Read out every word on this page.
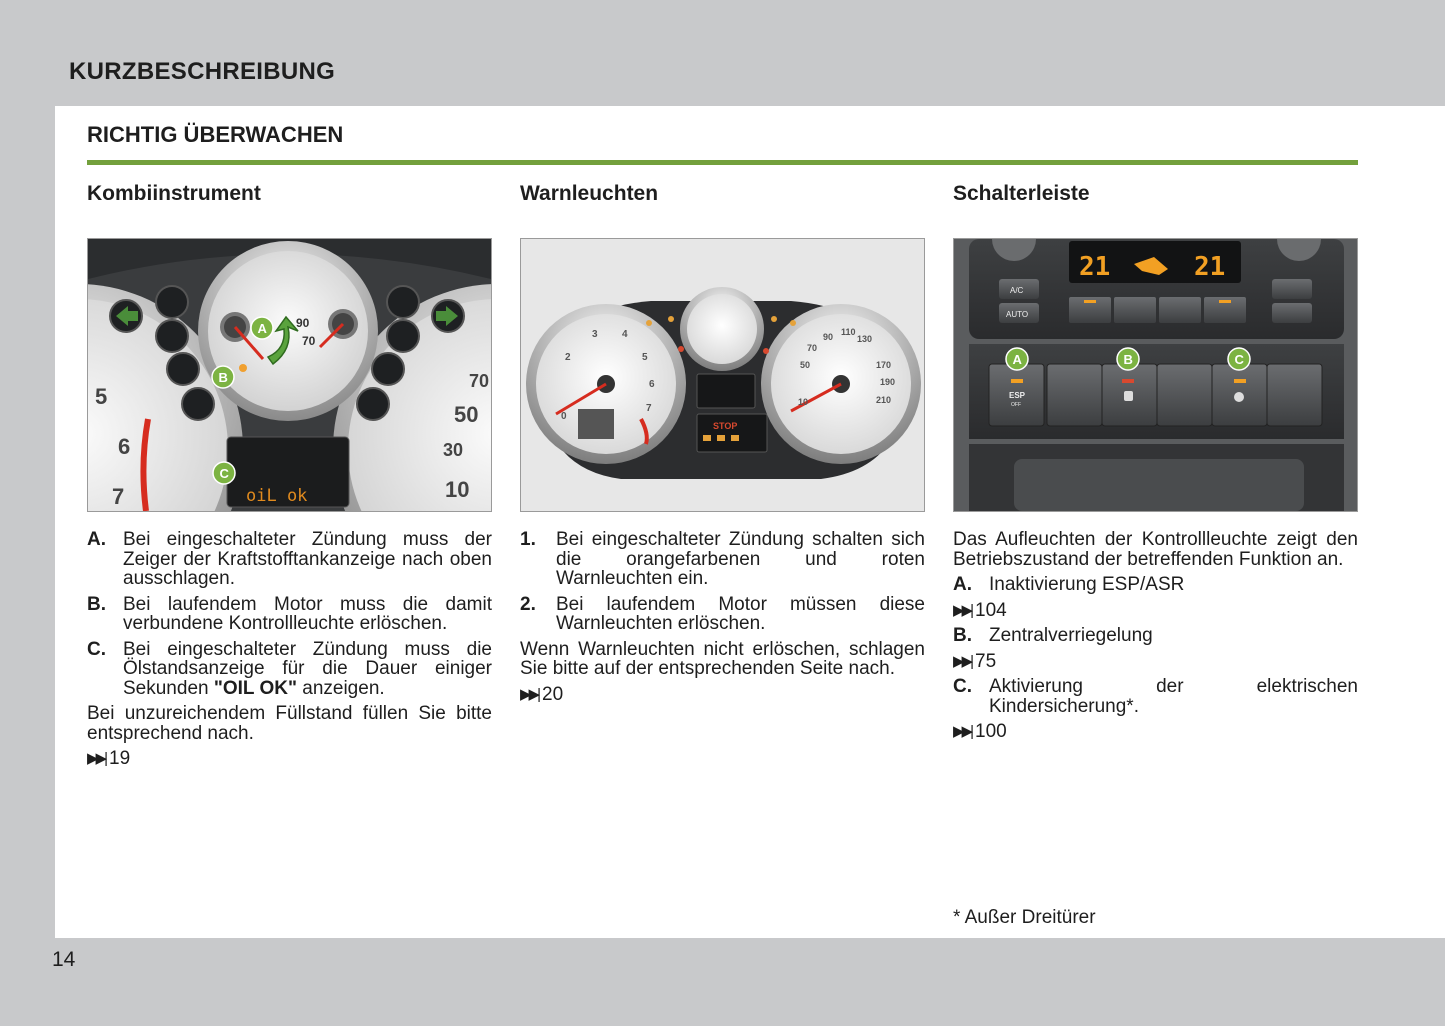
KURZBESCHREIBUNG
RICHTIG ÜBERWACHEN
Kombiinstrument
5
6
7
70
50
30
10
90
70
oiL ok
A
B
C
A. Bei eingeschalteter Zündung muss der Zeiger der Kraftstofftankanzeige nach oben ausschlagen.
B. Bei laufendem Motor muss die damit verbundene Kontrollleuchte erlöschen.
C. Bei eingeschalteter Zündung muss die Ölstandsanzeige für die Dauer einiger Sekunden "OIL OK" anzeigen.
Bei unzureichendem Füllstand füllen Sie bitte entsprechend nach.
▶▶| 19
Warnleuchten
0
2
3 4
5
6
7
10
50
70
90 110
130
170
190
210
STOP
1.	Bei eingeschalteter Zündung schalten sich die orangefarbenen und roten Warnleuchten ein.
2.	Bei laufendem Motor müssen diese Warnleuchten erlöschen.
Wenn Warnleuchten nicht erlöschen, schlagen Sie bitte auf der entsprechenden Seite nach.
▶▶| 20
Schalterleiste
21	21
A/C
AUTO
ESP
OFF
A	B	C
Das Aufleuchten der Kontrollleuchte zeigt den Betriebszustand der betreffenden Funktion an.
A. Inaktivierung ESP/ASR
▶▶| 104
B. Zentralverriegelung
▶▶| 75
C. Aktivierung der elektrischen Kindersicherung*.
▶▶| 100
* Außer Dreitürer
14
